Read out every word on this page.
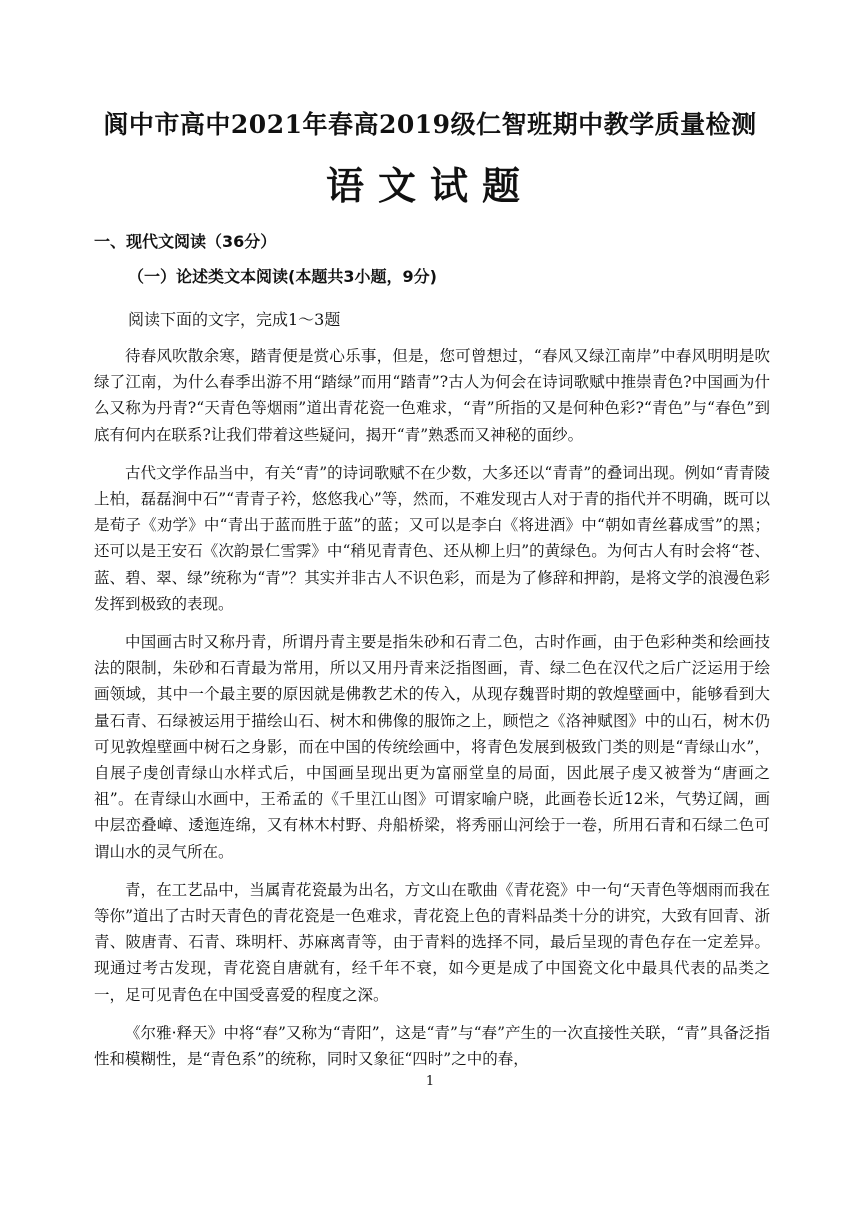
阆中市高中2021年春高2019级仁智班期中教学质量检测
语文试题
一、现代文阅读（36分）
（一）论述类文本阅读(本题共3小题，9分)
阅读下面的文字，完成1～3题

待春风吹散余寒，踏青便是赏心乐事，但是，您可曾想过，“春风又绿江南岸”中春风明明是吹绿了江南，为什么春季出游不用“踏绿”而用“踏青”?古人为何会在诗词歌赋中推崇青色?中国画为什么又称为丹青?“天青色等烟雨”道出青花瓷一色难求，“青”所指的又是何种色彩?“青色”与“春色”到底有何内在联系?让我们带着这些疑问，揭开“青”熟悉而又神秘的面纱。

古代文学作品当中，有关“青”的诗词歌赋不在少数，大多还以“青青”的叠词出现。例如“青青陵上柏，磊磊涧中石”“青青子衿，悠悠我心”等，然而，不难发现古人对于青的指代并不明确，既可以是荀子《劝学》中“青出于蓝而胜于蓝”的蓝；又可以是李白《将进酒》中“朝如青丝暮成雪”的黑；还可以是王安石《次韵景仁雪霁》中“稍见青青色、还从柳上归”的黄绿色。为何古人有时会将“苍、蓝、碧、翠、绿”统称为“青”？其实并非古人不识色彩，而是为了修辞和押韵，是将文学的浪漫色彩发挥到极致的表现。

中国画古时又称丹青，所谓丹青主要是指朱砂和石青二色，古时作画，由于色彩种类和绘画技法的限制，朱砂和石青最为常用，所以又用丹青来泛指图画，青、绿二色在汉代之后广泛运用于绘画领域，其中一个最主要的原因就是佛教艺术的传入，从现存魏晋时期的敦煌壁画中，能够看到大量石青、石绿被运用于描绘山石、树木和佛像的服饰之上，顾恺之《洛神赋图》中的山石，树木仍可见敦煌壁画中树石之身影，而在中国的传统绘画中，将青色发展到极致门类的则是“青绿山水”，自展子虔创青绿山水样式后，中国画呈现出更为富丽堂皇的局面，因此展子虔又被誉为“唐画之祖”。在青绿山水画中，王希孟的《千里江山图》可谓家喻户晓，此画卷长近12米，气势辽阔，画中层峦叠嶂、逶迤连绵，又有林木村野、舟船桥梁，将秀丽山河绘于一卷，所用石青和石绿二色可谓山水的灵气所在。

青，在工艺品中，当属青花瓷最为出名，方文山在歌曲《青花瓷》中一句“天青色等烟雨而我在等你”道出了古时天青色的青花瓷是一色难求，青花瓷上色的青料品类十分的讲究，大致有回青、浙青、陂唐青、石青、珠明杆、苏麻离青等，由于青料的选择不同，最后呈现的青色存在一定差异。现通过考古发现，青花瓷自唐就有，经千年不衰，如今更是成了中国瓷文化中最具代表的品类之一，足可见青色在中国受喜爱的程度之深。

《尔雅·释天》中将“春”又称为“青阳”，这是“青”与“春”产生的一次直接性关联，“青”具备泛指性和模糊性，是“青色系”的统称，同时又象征“四时”之中的春，

1
